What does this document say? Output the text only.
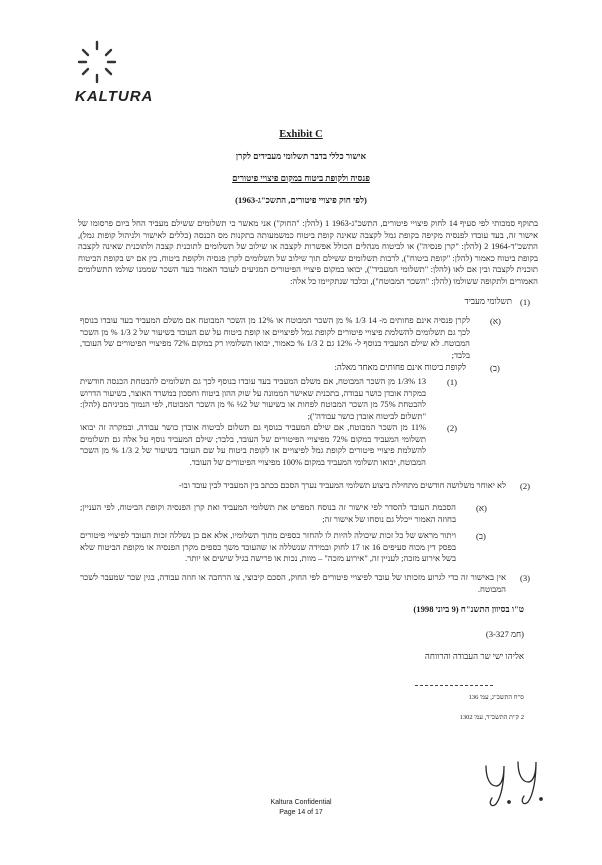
KALTURA
Exhibit C
אישור כללי בדבר תשלומי מעבידים לקרן
פנסיה ולקופת ביטוח במקום פיצויי פיטורים
(לפי חוק פיצויי פיטורים, התשכ"ג-1963)
בתוקף סמכותי לפי סעיף 14 לחוק פיצויי פיטורים, התשכ"ג-1963 1 (להלן: "החוק") אני מאשר כי תשלומים ששילם מעביד החל ביום פרסומו של אישור זה, בעד עובדו לפנסיה מקיפה בקופת גמל לקצבה שאינה קופת ביטוח כמשמעותה בתקנות מס הכנסה (כללים לאישור ולניהול קופות גמל), התשכ"ד-1964 2 (להלן: "קרן פנסיה") או לביטוח מנהלים הכולל אפשרות לקצבה או שילוב של תשלומים לתוכנית קצבה ולתוכנית שאינה לקצבה בקופת ביטוח כאמור (להלן: "קופת ביטוח"), לרבות תשלומים ששילם תוך שילוב של תשלומים לקרן פנסיה ולקופת ביטוח, בין אם יש בקופת הביטוח תוכנית לקצבה ובין אם לאו (להלן: "תשלומי המעביד"), יבואו במקום פיצויי הפיטורים המגיעים לעובד האמור בעד השכר שממנו שולמו התשלומים האמורים ולתקופה ששולמו (להלן: "השכר המבוטח"), ובלבד שנתקיימו כל אלה:
(1)
תשלומי מעביד
(א)
לקרן פנסיה אינם פחותים מ- 14 1/3 % מן השכר המבוטח או 12% מן השכר המבוטח אם משלם המעביד בעד עובדו בנוסף לכך גם תשלומים להשלמת פיצויי פיטורים לקופת גמל לפיצויים או קופת ביטוח על שם העובד בשיעור של 2 1/3 % מן השכר המבוטח. לא שילם המעביד בנוסף ל- 12% גם 2 1/3 % כאמור, יבואו תשלומיו רק במקום 72% מפיצויי הפיטורים של העובד, בלבד;
(ב)
לקופת ביטוח אינם פחותים מאחד מאלה:
(1)
13 1/3% מן השכר המבוטח, אם משלם המעביד בעד עובדו בנוסף לכך גם תשלומים להבטחת הכנסה חודשית במקרה אובדן כושר עבודה, בתכנית שאישר הממונה על שוק ההון ביטוח וחסכון במשרד האוצר, בשיעור הדרוש להבטחת 75% מן השכר המבוטח לפחות או בשיעור של 2½ % מן השכר המבוטח, לפי הנמוך מביניהם (להלן: "תשלום לביטוח אובדן כושר עבודה");
(2)
11% מן השכר המבוטח, אם שילם המעביד בנוסף גם תשלום לביטוח אובדן כושר עבודה, ובמקרה זה יבואו תשלומי המעביד במקום 72% מפיצויי הפיטורים של העובד, בלבד; שילם המעביד נוסף על אלה גם תשלומים להשלמת פיצויי פיטורים לקופת גמל לפיצויים או לקופת ביטוח על שם העובד בשיעור של 2 1/3 % מן השכר המבוטח, יבואו תשלומי המעביד במקום 100% מפיצויי הפיטורים של העובד.
(2)
לא יאוחר משלושה חודשים מתחילת ביצוע תשלומי המעביד נערך הסכם בכתב בין המעביד לבין עובד ובו-
(א)
הסכמת העובד להסדר לפי אישור זה בנוסח המפרט את תשלומי המעביד ואת קרן הפנסיה וקופת הביטוח, לפי העניין; בחוזה האמור ייכלל גם נוסחו של אישור זה;
(ב)
ויתור מראש של כל זכות שיכולה להיות לו להחזר כספים מתוך תשלומיו, אלא אם כן נשללה זכות העובד לפיצויי פיטורים בפסק דין מכוח סעיפים 16 או 17 לחוק ובמידה שנשללה או שהעובד משך כספים מקרן הפנסיה או מקופת הביטוח שלא בשל אירוע מזכה; לעניין זה, "אירוע מזכה" – מוות, נכות או פרישה בגיל שישים או יותר.
(3)
אין באישור זה כדי לגרוע מזכותו של עובד לפיצויי פיטורים לפי החוק, הסכם קיבוצי, צו הרחבה או חוזה עבודה, בגין שכר שמעבר לשכר המבוטח.
ט"ו בסיוון התשנ"ח (9 ביוני 1998)
(חמ 3-327)
אליהו ישי שר העבודה והרווחה
ס"ח התשכ"ג, עמ' 136
2 ק"ת התשכ"ד, עמ' 1302
Kaltura Confidential
Page 14 of 17
